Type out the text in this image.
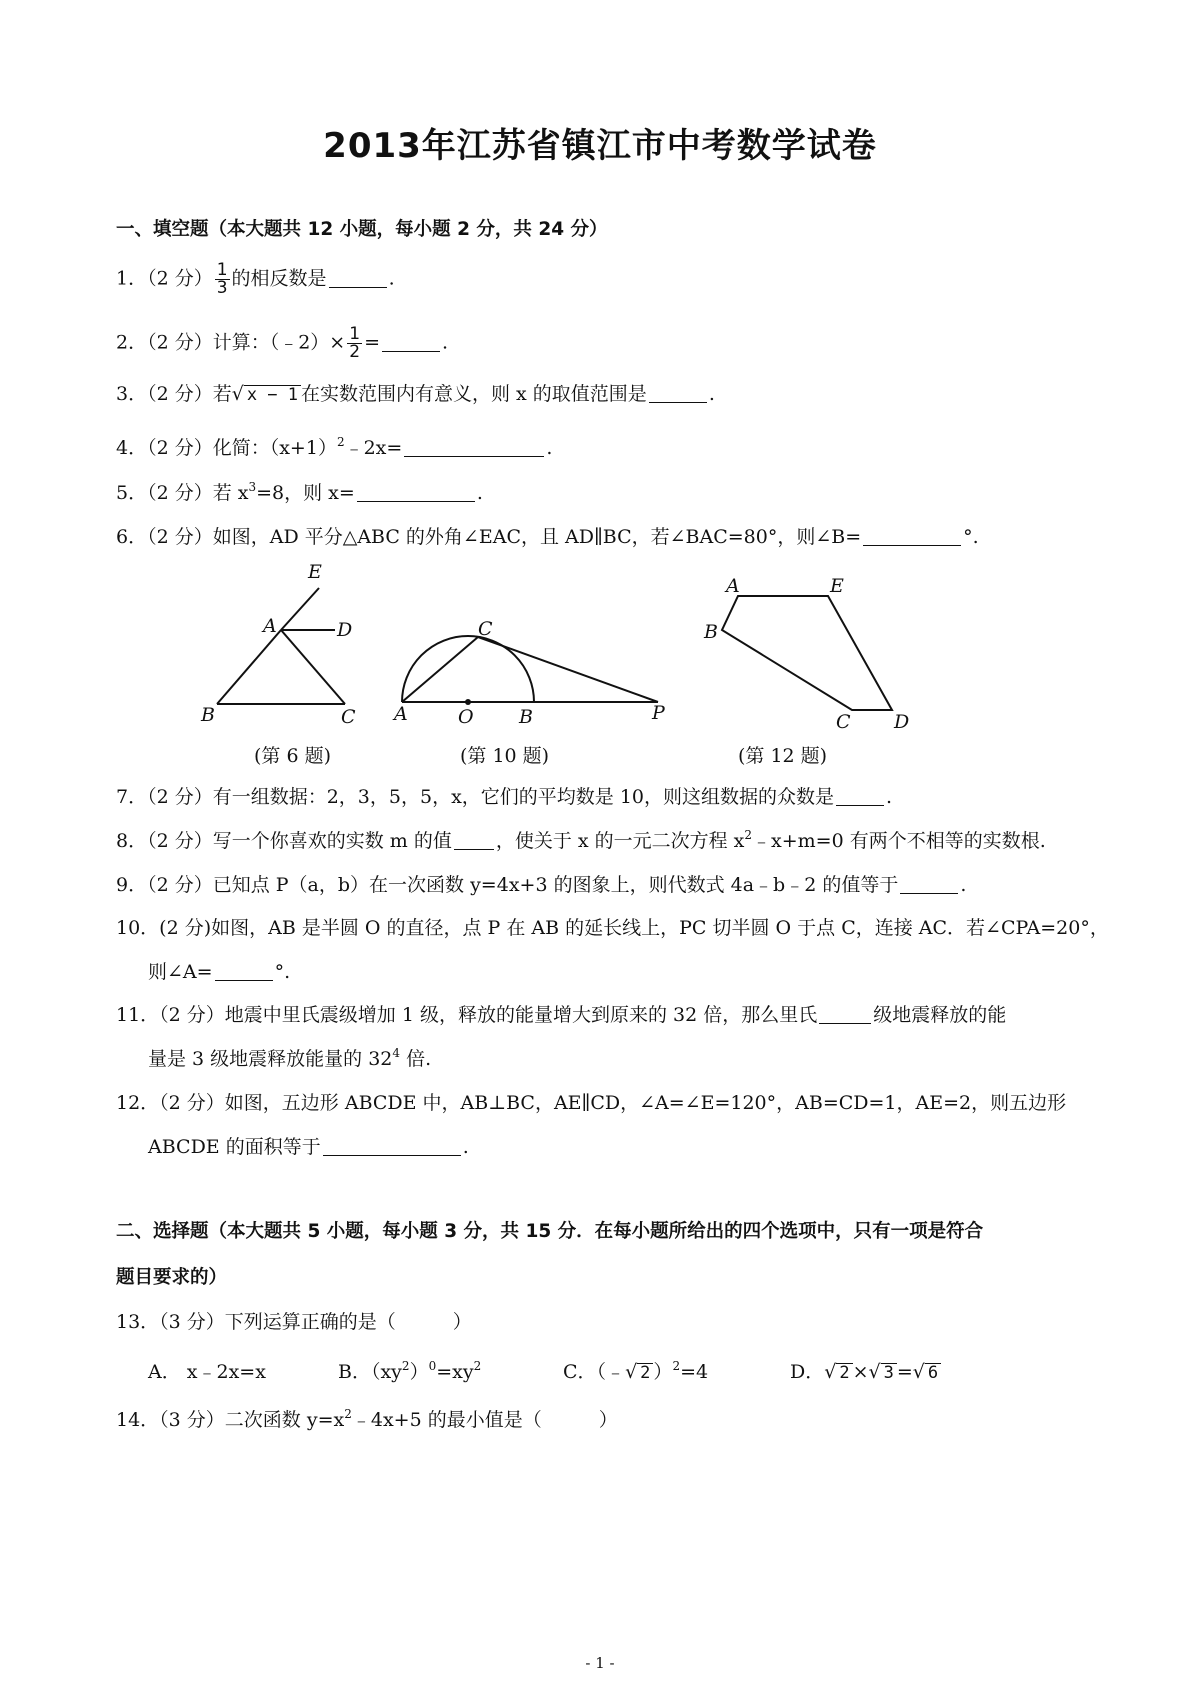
2013年江苏省镇江市中考数学试卷
一、填空题（本大题共 12 小题，每小题 2 分，共 24 分）
1．（2 分） $\frac{1}{3}$ 的相反数是	.
2．（2 分）计算：（﹣2）× $\frac{1}{2}$ =	.
3．（2 分）若√ x − 1 在实数范围内有意义，则 x 的取值范围是	.
4．（2 分）化简：$(x+1)^2﹣2x=$	.
5．（2 分）若 $x^3=8$，则 x=	.
6．（2 分）如图，AD 平分△ABC 的外角∠EAC，且 AD∥BC，若∠BAC=80°，则∠B=	°.
E
A	D
B	C
C
A	O B	P
A	E
B
C D
(第 6 题)	(第 10 题)	(第 12 题)
7．（2 分）有一组数据：2，3，5，5，x，它们的平均数是 10，则这组数据的众数是	.
8．（2 分）写一个你喜欢的实数 m 的值 ，使关于 x 的一元二次方程 $x^2﹣x+m=0$ 有两个不相等的实数根.
9．（2 分）已知点 P（a，b）在一次函数 y=4x+3 的图象上，则代数式 4a﹣b﹣2 的值等于	.
10．(2 分)如图，AB 是半圆 O 的直径，点 P 在 AB 的延长线上，PC 切半圆 O 于点 C，连接 AC．若∠CPA=20°，
则∠A=	°.
11．（2 分）地震中里氏震级增加 1 级，释放的能量增大到原来的 32 倍，那么里氏	级地震释放的能
量是 3 级地震释放能量的 $32^4$ 倍.
12．（2 分）如图，五边形 ABCDE 中，AB⊥BC，AE∥CD，∠A=∠E=120°，AB=CD=1，AE=2，则五边形
ABCDE 的面积等于	.
二、选择题（本大题共 5 小题，每小题 3 分，共 15 分．在每小题所给出的四个选项中，只有一项是符合
题目要求的）
13．（3 分）下列运算正确的是（　　　）
A． x﹣2x=x	B．$(xy^2)^0=xy^2$	C．（﹣√ 2 ）$^2$=4	D．√ 2 ×√ 3 =√ 6
14．（3 分）二次函数 $y=x^2﹣4x+5$ 的最小值是（　　　）
- 1 -
